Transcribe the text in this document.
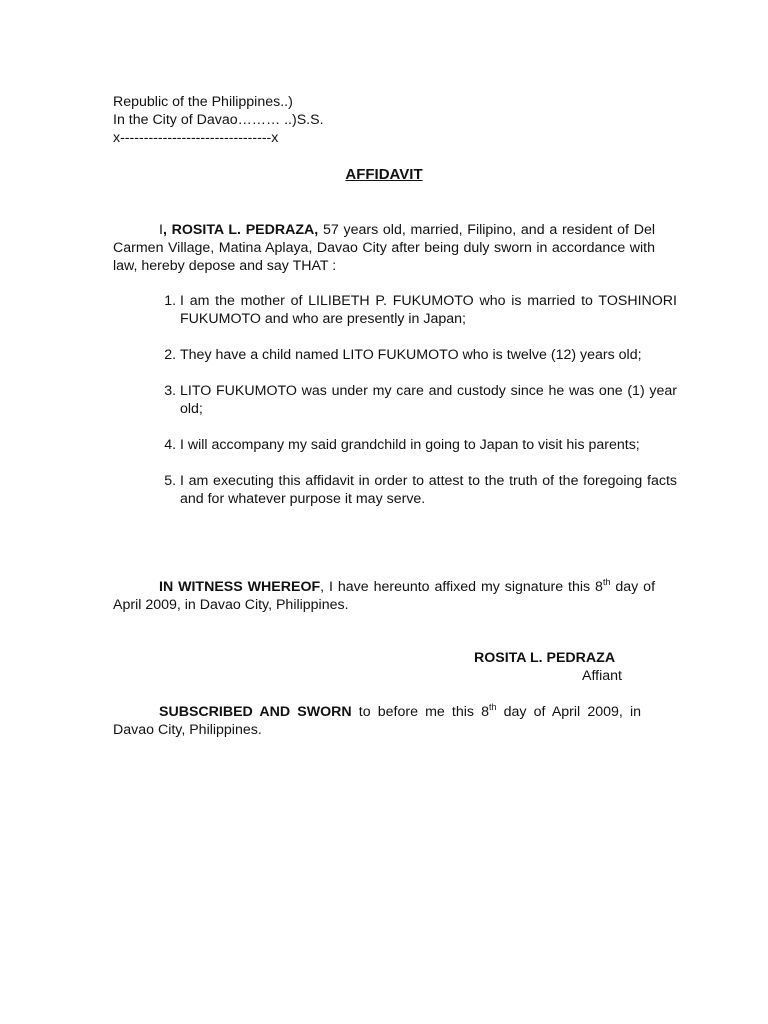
Republic of the Philippines..)
In the City of Davao……… ..)S.S.
x--------------------------------x
AFFIDAVIT
I, ROSITA L. PEDRAZA, 57 years old, married, Filipino, and a resident of Del Carmen Village, Matina Aplaya, Davao City after being duly sworn in accordance with law, hereby depose and say THAT :
1. I am the mother of LILIBETH P. FUKUMOTO who is married to TOSHINORI FUKUMOTO and who are presently in Japan;
2. They have a child named LITO FUKUMOTO who is twelve (12) years old;
3. LITO FUKUMOTO was under my care and custody since he was one (1) year old;
4. I will accompany my said grandchild in going to Japan to visit his parents;
5. I am executing this affidavit in order to attest to the truth of the foregoing facts and for whatever purpose it may serve.
IN WITNESS WHEREOF, I have hereunto affixed my signature this 8th day of April 2009, in Davao City, Philippines.
ROSITA L. PEDRAZA
Affiant
SUBSCRIBED AND SWORN to before me this 8th day of April 2009, in Davao City, Philippines.
